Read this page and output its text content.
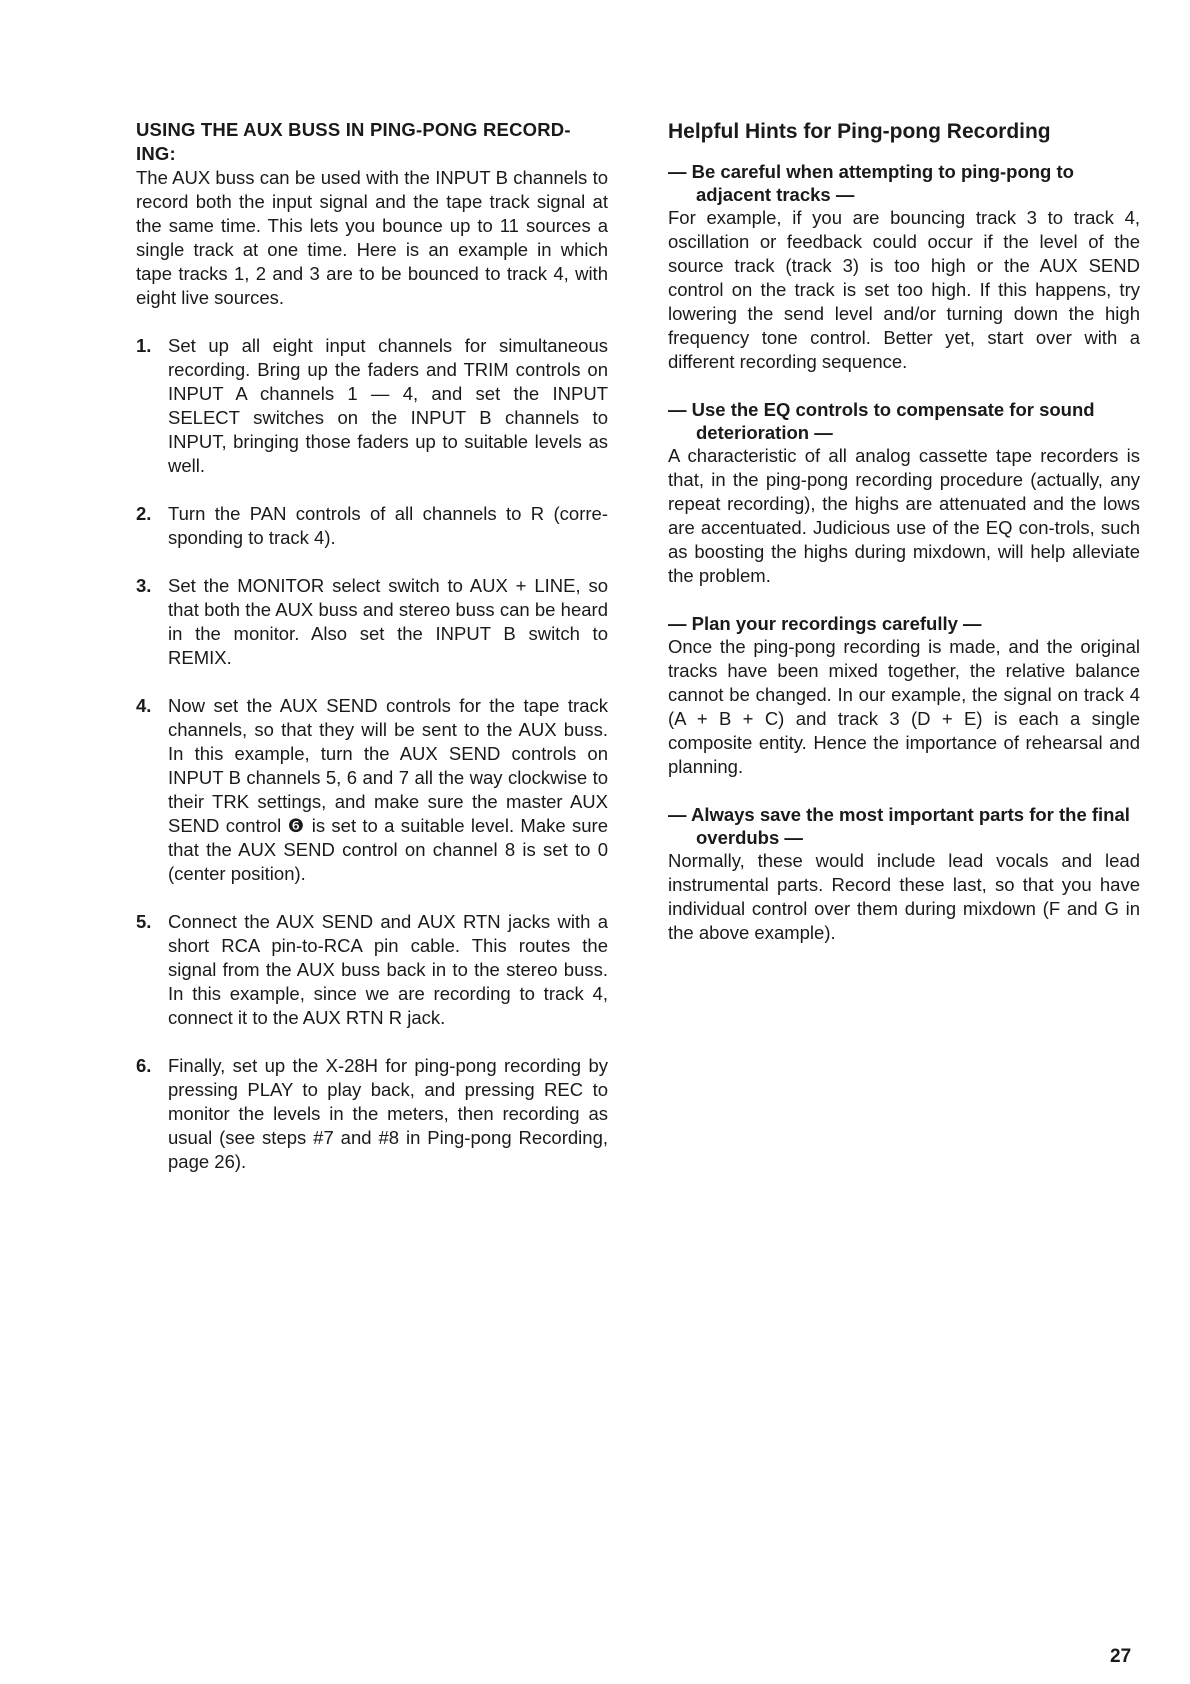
USING THE AUX BUSS IN PING-PONG RECORD-ING:

The AUX buss can be used with the INPUT B channels to record both the input signal and the tape track signal at the same time. This lets you bounce up to 11 sources a single track at one time. Here is an example in which tape tracks 1, 2 and 3 are to be bounced to track 4, with eight live sources.

1. Set up all eight input channels for simultaneous recording. Bring up the faders and TRIM controls on INPUT A channels 1 — 4, and set the INPUT SELECT switches on the INPUT B channels to INPUT, bringing those faders up to suitable levels as well.
2. Turn the PAN controls of all channels to R (corre-sponding to track 4).
3. Set the MONITOR select switch to AUX + LINE, so that both the AUX buss and stereo buss can be heard in the monitor. Also set the INPUT B switch to REMIX.
4. Now set the AUX SEND controls for the tape track channels, so that they will be sent to the AUX buss. In this example, turn the AUX SEND controls on INPUT B channels 5, 6 and 7 all the way clockwise to their TRK settings, and make sure the master AUX SEND control ❻ is set to a suitable level. Make sure that the AUX SEND control on channel 8 is set to 0 (center position).
5. Connect the AUX SEND and AUX RTN jacks with a short RCA pin-to-RCA pin cable. This routes the signal from the AUX buss back in to the stereo buss. In this example, since we are recording to track 4, connect it to the AUX RTN R jack.
6. Finally, set up the X-28H for ping-pong recording by pressing PLAY to play back, and pressing REC to monitor the levels in the meters, then recording as usual (see steps #7 and #8 in Ping-pong Recording, page 26).
Helpful Hints for Ping-pong Recording
— Be careful when attempting to ping-pong to adjacent tracks —

For example, if you are bouncing track 3 to track 4, oscillation or feedback could occur if the level of the source track (track 3) is too high or the AUX SEND control on the track is set too high. If this happens, try lowering the send level and/or turning down the high frequency tone control. Better yet, start over with a different recording sequence.

— Use the EQ controls to compensate for sound deterioration —

A characteristic of all analog cassette tape recorders is that, in the ping-pong recording procedure (actually, any repeat recording), the highs are attenuated and the lows are accentuated. Judicious use of the EQ con-trols, such as boosting the highs during mixdown, will help alleviate the problem.

— Plan your recordings carefully —

Once the ping-pong recording is made, and the original tracks have been mixed together, the relative balance cannot be changed. In our example, the signal on track 4 (A + B + C) and track 3 (D + E) is each a single composite entity. Hence the importance of rehearsal and planning.

— Always save the most important parts for the final overdubs —

Normally, these would include lead vocals and lead instrumental parts. Record these last, so that you have individual control over them during mixdown (F and G in the above example).

27
